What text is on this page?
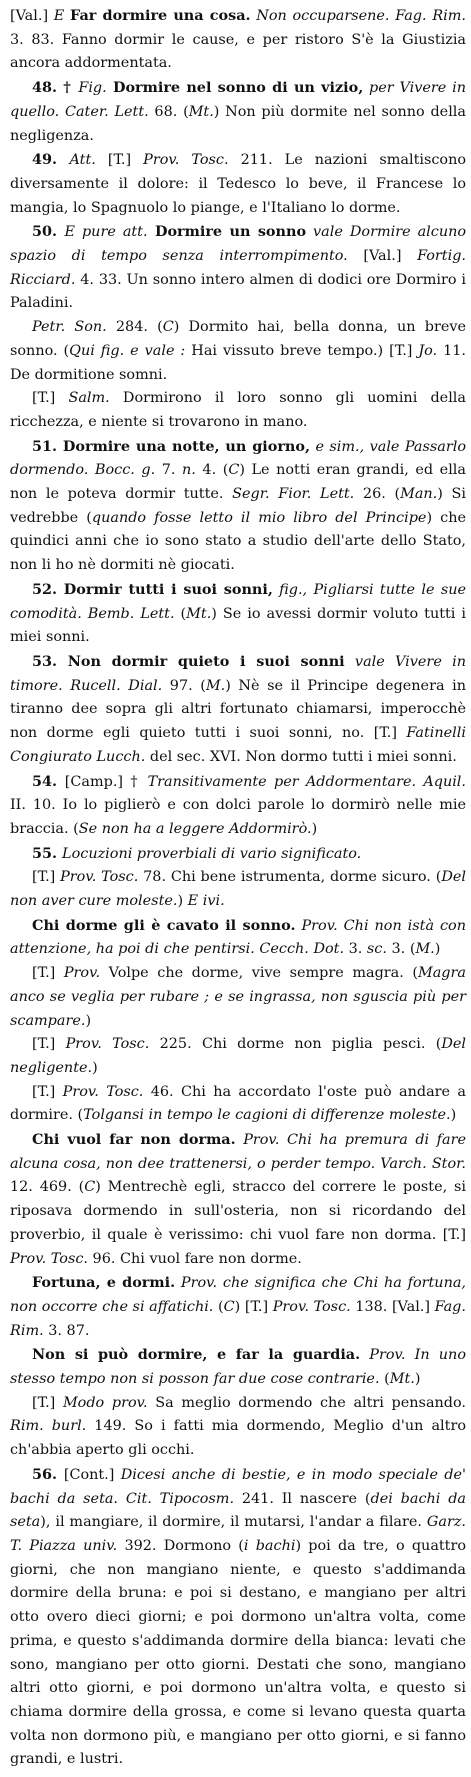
[Val.] E Far dormire una cosa. Non occuparsene. Fag. Rim. 3. 83. Fanno dormir le cause, e per ristoro S'è la Giustizia ancora addormentata.

48. † Fig. Dormire nel sonno di un vizio, per Vivere in quello. Cater. Lett. 68. (Mt.) Non più dormite nel sonno della negligenza.

49. Att. [T.] Prov. Tosc. 211. Le nazioni smaltiscono diversamente il dolore: il Tedesco lo beve, il Francese lo mangia, lo Spagnuolo lo piange, e l'Italiano lo dorme.

50. E pure att. Dormire un sonno vale Dormire alcuno spazio di tempo senza interrompimento. [Val.] Fortig. Ricciard. 4. 33. Un sonno intero almen di dodici ore Dormiro i Paladini.

Petr. Son. 284. (C) Dormito hai, bella donna, un breve sonno. (Qui fig. e vale : Hai vissuto breve tempo.) [T.] Jo. 11. De dormitione somni.

[T.] Salm. Dormirono il loro sonno gli uomini della ricchezza, e niente si trovarono in mano.

51. Dormire una notte, un giorno, e sim., vale Passarlo dormendo. Bocc. g. 7. n. 4. (C) Le notti eran grandi, ed ella non le poteva dormir tutte. Segr. Fior. Lett. 26. (Man.) Si vedrebbe (quando fosse letto il mio libro del Principe) che quindici anni che io sono stato a studio dell'arte dello Stato, non li ho nè dormiti nè giocati.

52. Dormir tutti i suoi sonni, fig., Pigliarsi tutte le sue comodità. Bemb. Lett. (Mt.) Se io avessi dormir voluto tutti i miei sonni.

53. Non dormir quieto i suoi sonni vale Vivere in timore. Rucell. Dial. 97. (M.) Nè se il Principe degenera in tiranno dee sopra gli altri fortunato chiamarsi, imperocchè non dorme egli quieto tutti i suoi sonni, no. [T.] Fatinelli Congiurato Lucch. del sec. XVI. Non dormo tutti i miei sonni.

54. [Camp.] † Transitivamente per Addormentare. Aquil. II. 10. Io lo piglierò e con dolci parole lo dormirò nelle mie braccia. (Se non ha a leggere Addormirò.)

55. Locuzioni proverbiali di vario significato.

[T.] Prov. Tosc. 78. Chi bene istrumenta, dorme sicuro. (Del non aver cure moleste.) E ivi.

Chi dorme gli è cavato il sonno. Prov. Chi non istà con attenzione, ha poi di che pentirsi. Cecch. Dot. 3. sc. 3. (M.)

[T.] Prov. Volpe che dorme, vive sempre magra. (Magra anco se veglia per rubare ; e se ingrassa, non sguscia più per scampare.)

[T.] Prov. Tosc. 225. Chi dorme non piglia pesci. (Del negligente.)

[T.] Prov. Tosc. 46. Chi ha accordato l'oste può andare a dormire. (Tolgansi in tempo le cagioni di differenze moleste.)

Chi vuol far non dorma. Prov. Chi ha premura di fare alcuna cosa, non dee trattenersi, o perder tempo. Varch. Stor. 12. 469. (C) Mentrechè egli, stracco del correre le poste, si riposava dormendo in sull'osteria, non si ricordando del proverbio, il quale è verissimo: chi vuol fare non dorma. [T.] Prov. Tosc. 96. Chi vuol fare non dorme.

Fortuna, e dormi. Prov. che significa che Chi ha fortuna, non occorre che si affatichi. (C) [T.] Prov. Tosc. 138. [Val.] Fag. Rim. 3. 87.

Non si può dormire, e far la guardia. Prov. In uno stesso tempo non si posson far due cose contrarie. (Mt.)

[T.] Modo prov. Sa meglio dormendo che altri pensando. Rim. burl. 149. So i fatti mia dormendo, Meglio d'un altro ch'abbia aperto gli occhi.

56. [Cont.] Dicesi anche di bestie, e in modo speciale de' bachi da seta. Cit. Tipocosm. 241. Il nascere (dei bachi da seta), il mangiare, il dormire, il mutarsi, l'andar a filare. Garz. T. Piazza univ. 392. Dormono (i bachi) poi da tre, o quattro giorni, che non mangiano niente, e questo s'addimanda dormire della bruna: e poi si destano, e mangiano per altri otto overo dieci giorni; e poi dormono un'altra volta, come prima, e questo s'addimanda dormire della bianca: levati che sono, mangiano per otto giorni. Destati che sono, mangiano altri otto giorni, e poi dormono un'altra volta, e questo si chiama dormire della grossa, e come si levano questa quarta volta non dormono più, e mangiano per otto giorni, e si fanno grandi, e lustri.
